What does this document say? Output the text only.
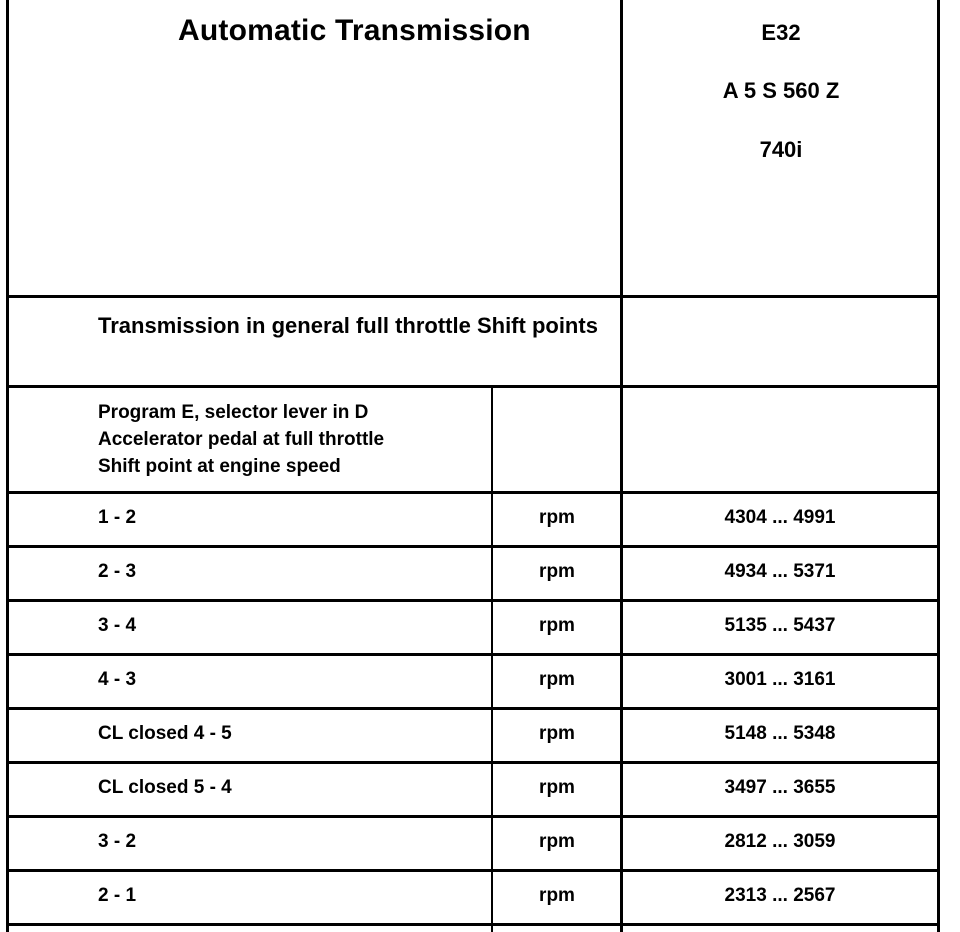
Automatic Transmission	E32
A 5 S 560 Z
740i
Transmission in general full throttle Shift points
Program E, selector lever in D
Accelerator pedal at full throttle
Shift point at engine speed
1 - 2	rpm	4304 ... 4991
2 - 3	rpm	4934 ... 5371
3 - 4	rpm	5135 ... 5437
4 - 3	rpm	3001 ... 3161
CL closed 4 - 5	rpm	5148 ... 5348
CL closed 5 - 4	rpm	3497 ... 3655
3 - 2	rpm	2812 ... 3059
2 - 1	rpm	2313 ... 2567
